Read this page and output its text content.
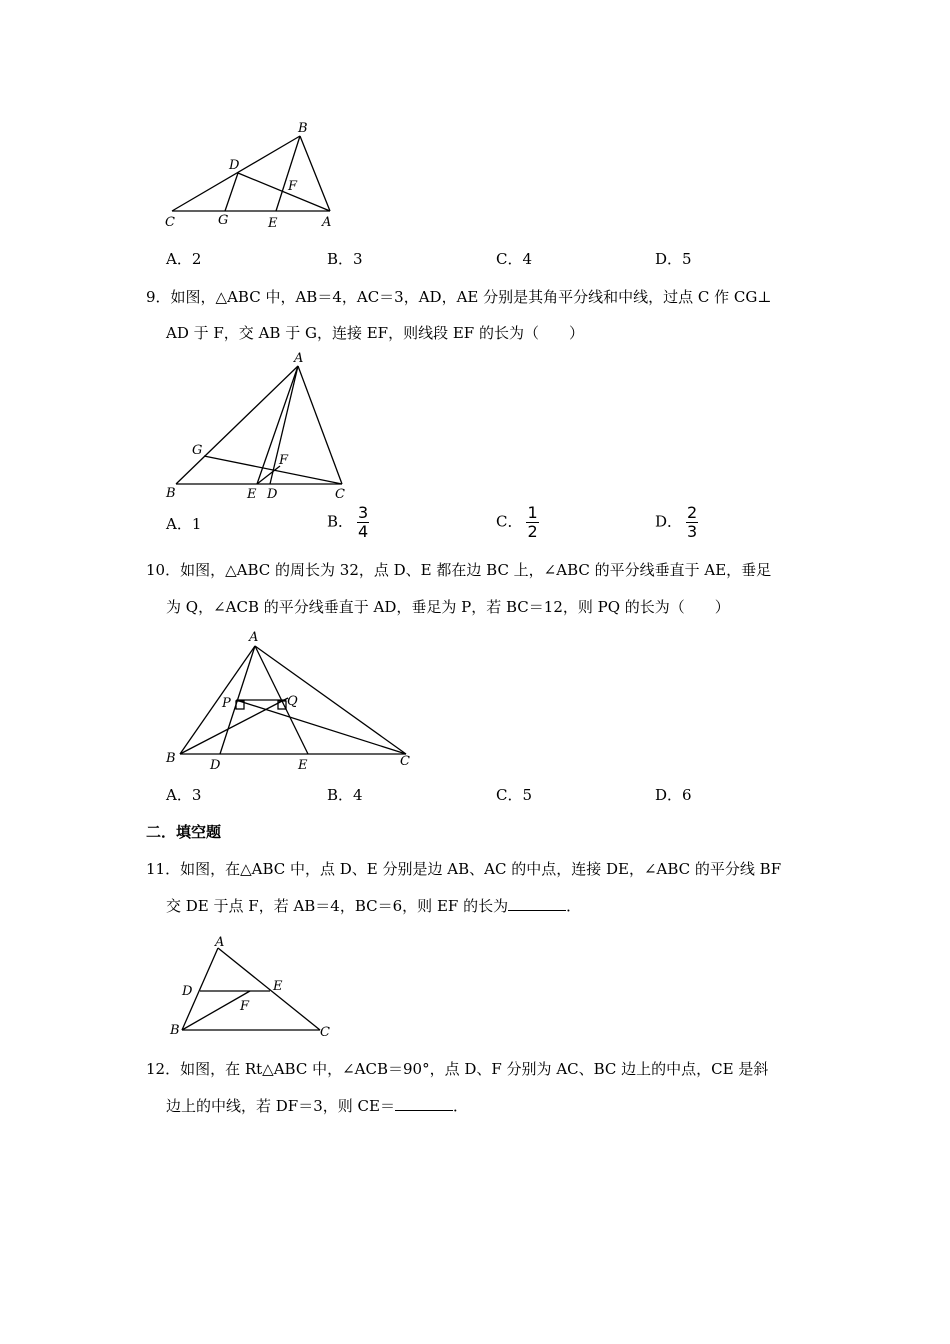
B
D
F
C	G	E	A
A．2	B．3	C．4	D．5
9．如图，△ABC 中，AB＝4，AC＝3，AD，AE 分别是其角平分线和中线，过点 C 作 CG⊥
AD 于 F，交 AB 于 G，连接 EF，则线段 EF 的长为（　　）
A
G
F
B	E D	C
A．1	B． $\frac{3}{4}$	C． $\frac{1}{2}$	D． $\frac{2}{3}$
10．如图，△ABC 的周长为 32，点 D、E 都在边 BC 上，∠ABC 的平分线垂直于 AE，垂足
为 Q，∠ACB 的平分线垂直于 AD，垂足为 P，若 BC＝12，则 PQ 的长为（　　）
A
P	Q
B	D	E	C
A．3	B．4	C．5	D．6
二．填空题
11．如图，在△ABC 中，点 D、E 分别是边 AB、AC 的中点，连接 DE，∠ABC 的平分线 BF
交 DE 于点 F，若 AB＝4，BC＝6，则 EF 的长为	．
A
D	E
F
B	C
12．如图，在 Rt△ABC 中，∠ACB＝90°，点 D、F 分别为 AC、BC 边上的中点，CE 是斜
边上的中线，若 DF＝3，则 CE＝	．
